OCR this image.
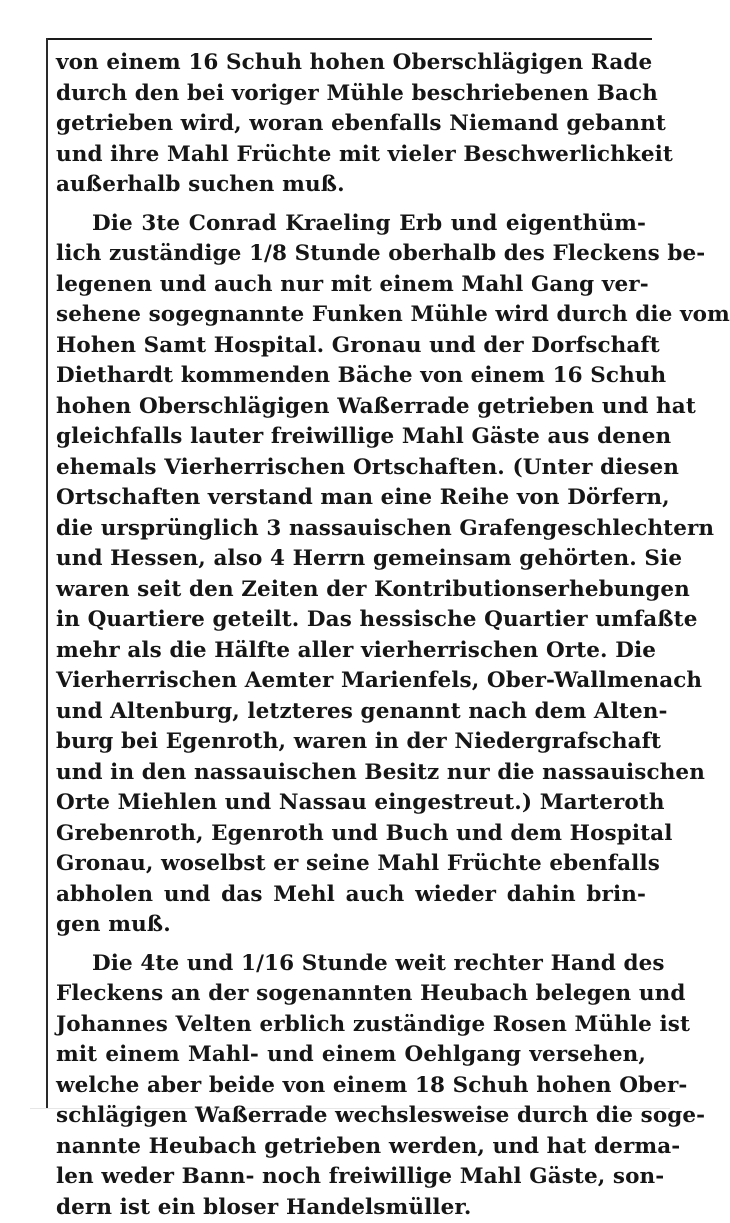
von einem 16 Schuh hohen Oberschlägigen Rade
durch den bei voriger Mühle beschriebenen Bach
getrieben wird, woran ebenfalls Niemand gebannt
und ihre Mahl Früchte mit vieler Beschwerlichkeit
außerhalb suchen muß.
Die 3te Conrad Kraeling Erb und eigenthüm-
lich zuständige 1/8 Stunde oberhalb des Fleckens be-
legenen und auch nur mit einem Mahl Gang ver-
sehene sogegnannte Funken Mühle wird durch die vom
Hohen Samt Hospital. Gronau und der Dorfschaft
Diethardt kommenden Bäche von einem 16 Schuh
hohen Oberschlägigen Waßerrade getrieben und hat
gleichfalls lauter freiwillige Mahl Gäste aus denen
ehemals Vierherrischen Ortschaften. (Unter diesen
Ortschaften verstand man eine Reihe von Dörfern,
die ursprünglich 3 nassauischen Grafengeschlechtern
und Hessen, also 4 Herrn gemeinsam gehörten. Sie
waren seit den Zeiten der Kontributionserhebungen
in Quartiere geteilt. Das hessische Quartier umfaßte
mehr als die Hälfte aller vierherrischen Orte. Die
Vierherrischen Aemter Marienfels, Ober-Wallmenach
und Altenburg, letzteres genannt nach dem Alten-
burg bei Egenroth, waren in der Niedergrafschaft
und in den nassauischen Besitz nur die nassauischen
Orte Miehlen und Nassau eingestreut.) Marteroth
Grebenroth, Egenroth und Buch und dem Hospital
Gronau, woselbst er seine Mahl Früchte ebenfalls
abholen und das Mehl auch wieder dahin brin-
gen muß.
Die 4te und 1/16 Stunde weit rechter Hand des
Fleckens an der sogenannten Heubach belegen und
Johannes Velten erblich zuständige Rosen Mühle ist
mit einem Mahl- und einem Oehlgang versehen,
welche aber beide von einem 18 Schuh hohen Ober-
schlägigen Waßerrade wechslesweise durch die soge-
nannte Heubach getrieben werden, und hat derma-
len weder Bann- noch freiwillige Mahl Gäste, son-
dern ist ein bloser Handelsmüller.
